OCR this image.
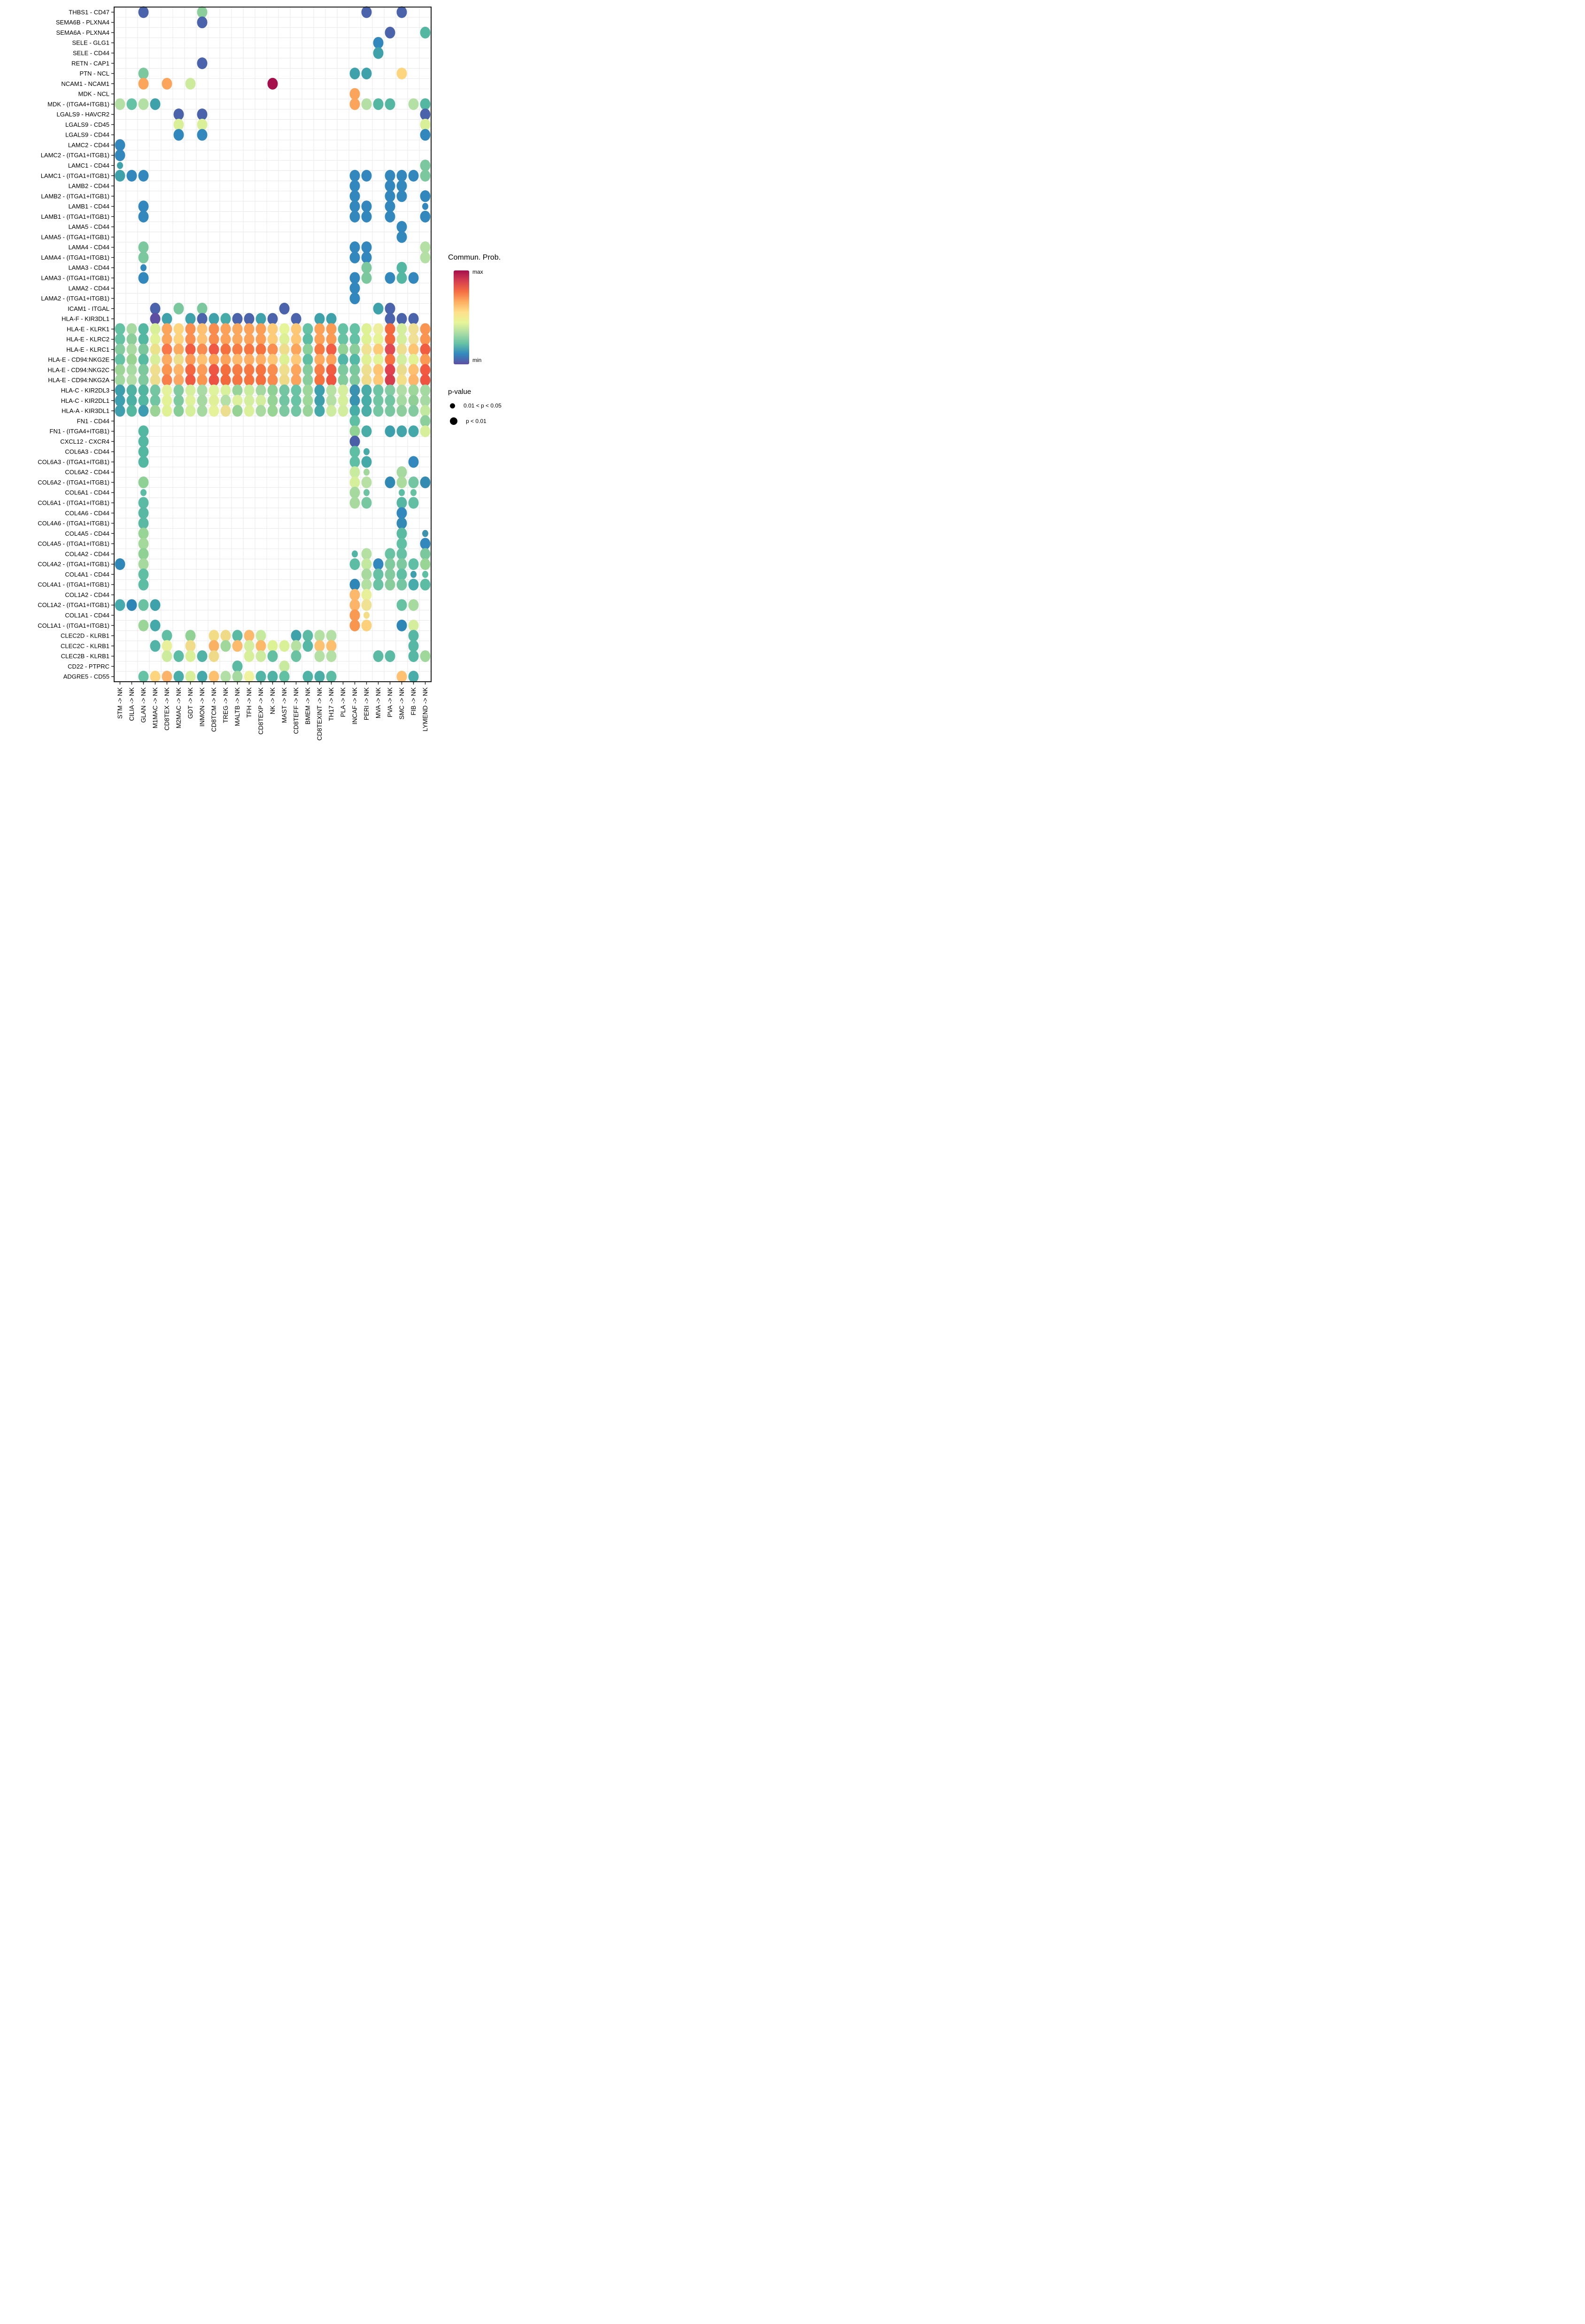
THBS1 - CD47
SEMA6B - PLXNA4
SEMA6A - PLXNA4
SELE - GLG1
SELE - CD44
RETN - CAP1
PTN - NCL
NCAM1 - NCAM1
MDK - NCL
MDK - (ITGA4+ITGB1)
LGALS9 - HAVCR2
LGALS9 - CD45
LGALS9 - CD44
LAMC2 - CD44
LAMC2 - (ITGA1+ITGB1)
LAMC1 - CD44
LAMC1 - (ITGA1+ITGB1)
LAMB2 - CD44
LAMB2 - (ITGA1+ITGB1)
LAMB1 - CD44
LAMB1 - (ITGA1+ITGB1)
LAMA5 - CD44
LAMA5 - (ITGA1+ITGB1)
LAMA4 - CD44
LAMA4 - (ITGA1+ITGB1)
LAMA3 - CD44
LAMA3 - (ITGA1+ITGB1)
LAMA2 - CD44
LAMA2 - (ITGA1+ITGB1)
ICAM1 - ITGAL
HLA-F - KIR3DL1
HLA-E - KLRK1
HLA-E - KLRC2
HLA-E - KLRC1
HLA-E - CD94:NKG2E
HLA-E - CD94:NKG2C
HLA-E - CD94:NKG2A
HLA-C - KIR2DL3
HLA-C - KIR2DL1
HLA-A - KIR3DL1
FN1 - CD44
FN1 - (ITGA4+ITGB1)
CXCL12 - CXCR4
COL6A3 - CD44
COL6A3 - (ITGA1+ITGB1)
COL6A2 - CD44
COL6A2 - (ITGA1+ITGB1)
COL6A1 - CD44
COL6A1 - (ITGA1+ITGB1)
COL4A6 - CD44
COL4A6 - (ITGA1+ITGB1)
COL4A5 - CD44
COL4A5 - (ITGA1+ITGB1)
COL4A2 - CD44
COL4A2 - (ITGA1+ITGB1)
COL4A1 - CD44
COL4A1 - (ITGA1+ITGB1)
COL1A2 - CD44
COL1A2 - (ITGA1+ITGB1)
COL1A1 - CD44
COL1A1 - (ITGA1+ITGB1)
CLEC2D - KLRB1
CLEC2C - KLRB1
CLEC2B - KLRB1
CD22 - PTPRC
ADGRE5 - CD55
STM -> NK CILIA -> NK GLAN -> NK M1MAC -> NK CD8TEX -> NK M2MAC -> NK GDT -> NK INMON -> NK CD8TCM -> NK TREG -> NK MALTB -> NK TFH -> NK CD8TEXP -> NK NK -> NK MAST -> NK CD8TEFF -> NK BMEM -> NK CD8TEXINT -> NK TH17 -> NK PLA -> NK INCAF -> NK PERI -> NK MVA -> NK PVA -> NK SMC -> NK FIB -> NK LYMEND -> NK
Commun. Prob.
max
min
p-value
0.01 < p < 0.05
p < 0.01
